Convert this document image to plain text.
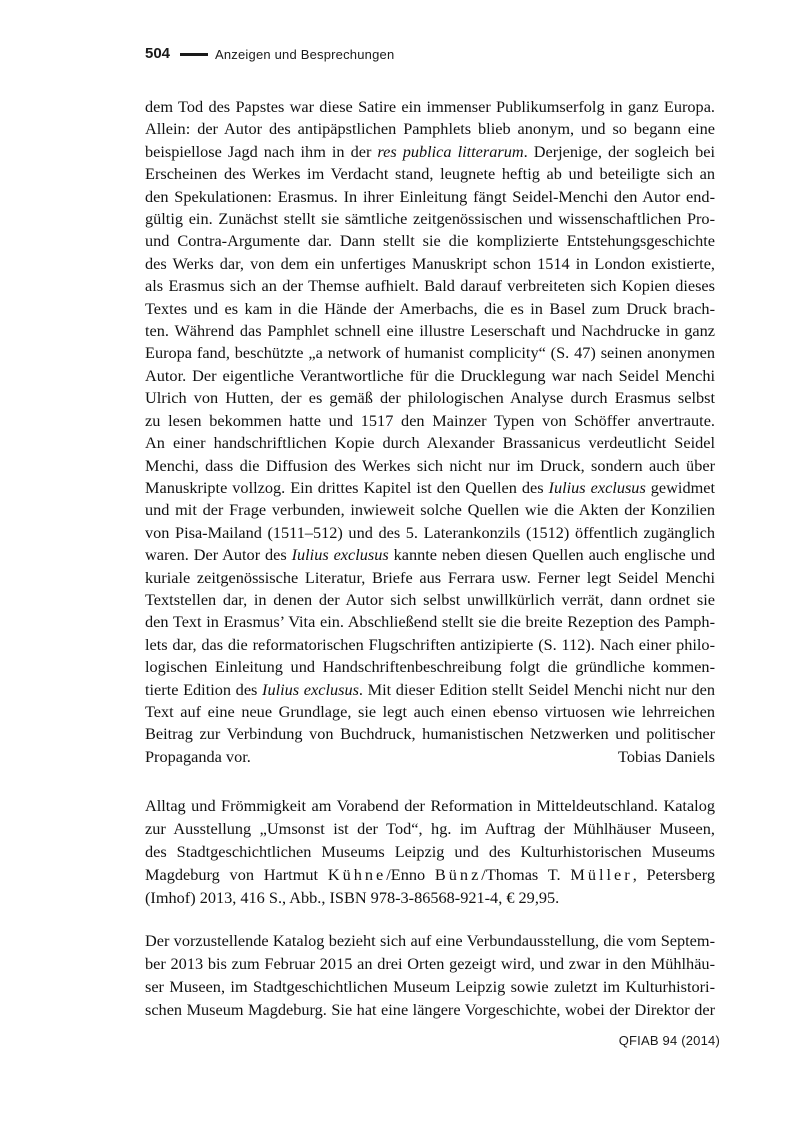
504	Anzeigen und Besprechungen
dem Tod des Papstes war diese Satire ein immenser Publikumserfolg in ganz Europa.
Allein: der Autor des antipäpstlichen Pamphlets blieb anonym, und so begann eine
beispiellose Jagd nach ihm in der res publica litterarum. Derjenige, der sogleich bei
Erscheinen des Werkes im Verdacht stand, leugnete heftig ab und beteiligte sich an
den Spekulationen: Erasmus. In ihrer Einleitung fängt Seidel-Menchi den Autor end-
gültig ein. Zunächst stellt sie sämtliche zeitgenössischen und wissenschaftlichen Pro-
und Contra-Argumente dar. Dann stellt sie die komplizierte Entstehungsgeschichte
des Werks dar, von dem ein unfertiges Manuskript schon 1514 in London existierte,
als Erasmus sich an der Themse aufhielt. Bald darauf verbreiteten sich Kopien dieses
Textes und es kam in die Hände der Amerbachs, die es in Basel zum Druck brach-
ten. Während das Pamphlet schnell eine illustre Leserschaft und Nachdrucke in ganz
Europa fand, beschützte „a network of humanist complicity“ (S. 47) seinen anonymen
Autor. Der eigentliche Verantwortliche für die Drucklegung war nach Seidel Menchi
Ulrich von Hutten, der es gemäß der philologischen Analyse durch Erasmus selbst
zu lesen bekommen hatte und 1517 den Mainzer Typen von Schöffer anvertraute.
An einer handschriftlichen Kopie durch Alexander Brassanicus verdeutlicht Seidel
Menchi, dass die Diffusion des Werkes sich nicht nur im Druck, sondern auch über
Manuskripte vollzog. Ein drittes Kapitel ist den Quellen des Iulius exclusus gewidmet
und mit der Frage verbunden, inwieweit solche Quellen wie die Akten der Konzilien
von Pisa-Mailand (1511–512) und des 5. Laterankonzils (1512) öffentlich zugänglich
waren. Der Autor des Iulius exclusus kannte neben diesen Quellen auch englische und
kuriale zeitgenössische Literatur, Briefe aus Ferrara usw. Ferner legt Seidel Menchi
Textstellen dar, in denen der Autor sich selbst unwillkürlich verrät, dann ordnet sie
den Text in Erasmus’ Vita ein. Abschließend stellt sie die breite Rezeption des Pamph-
lets dar, das die reformatorischen Flugschriften antizipierte (S. 112). Nach einer philo-
logischen Einleitung und Handschriftenbeschreibung folgt die gründliche kommen-
tierte Edition des Iulius exclusus. Mit dieser Edition stellt Seidel Menchi nicht nur den
Text auf eine neue Grundlage, sie legt auch einen ebenso virtuosen wie lehrreichen
Beitrag zur Verbindung von Buchdruck, humanistischen Netzwerken und politischer
Propaganda vor.	Tobias Daniels
Alltag und Frömmigkeit am Vorabend der Reformation in Mitteldeutschland. Katalog
zur Ausstellung „Umsonst ist der Tod“, hg. im Auftrag der Mühlhäuser Museen,
des Stadtgeschichtlichen Museums Leipzig und des Kulturhistorischen Museums
Magdeburg von Hartmut Kühne/Enno Bünz/Thomas T. Müller, Petersberg
(Imhof) 2013, 416 S., Abb., ISBN 978-3-86568-921-4, € 29,95.
Der vorzustellende Katalog bezieht sich auf eine Verbundausstellung, die vom Septem-
ber 2013 bis zum Februar 2015 an drei Orten gezeigt wird, und zwar in den Mühlhäu-
ser Museen, im Stadtgeschichtlichen Museum Leipzig sowie zuletzt im Kulturhistori-
schen Museum Magdeburg. Sie hat eine längere Vorgeschichte, wobei der Direktor der
QFIAB 94 (2014)
